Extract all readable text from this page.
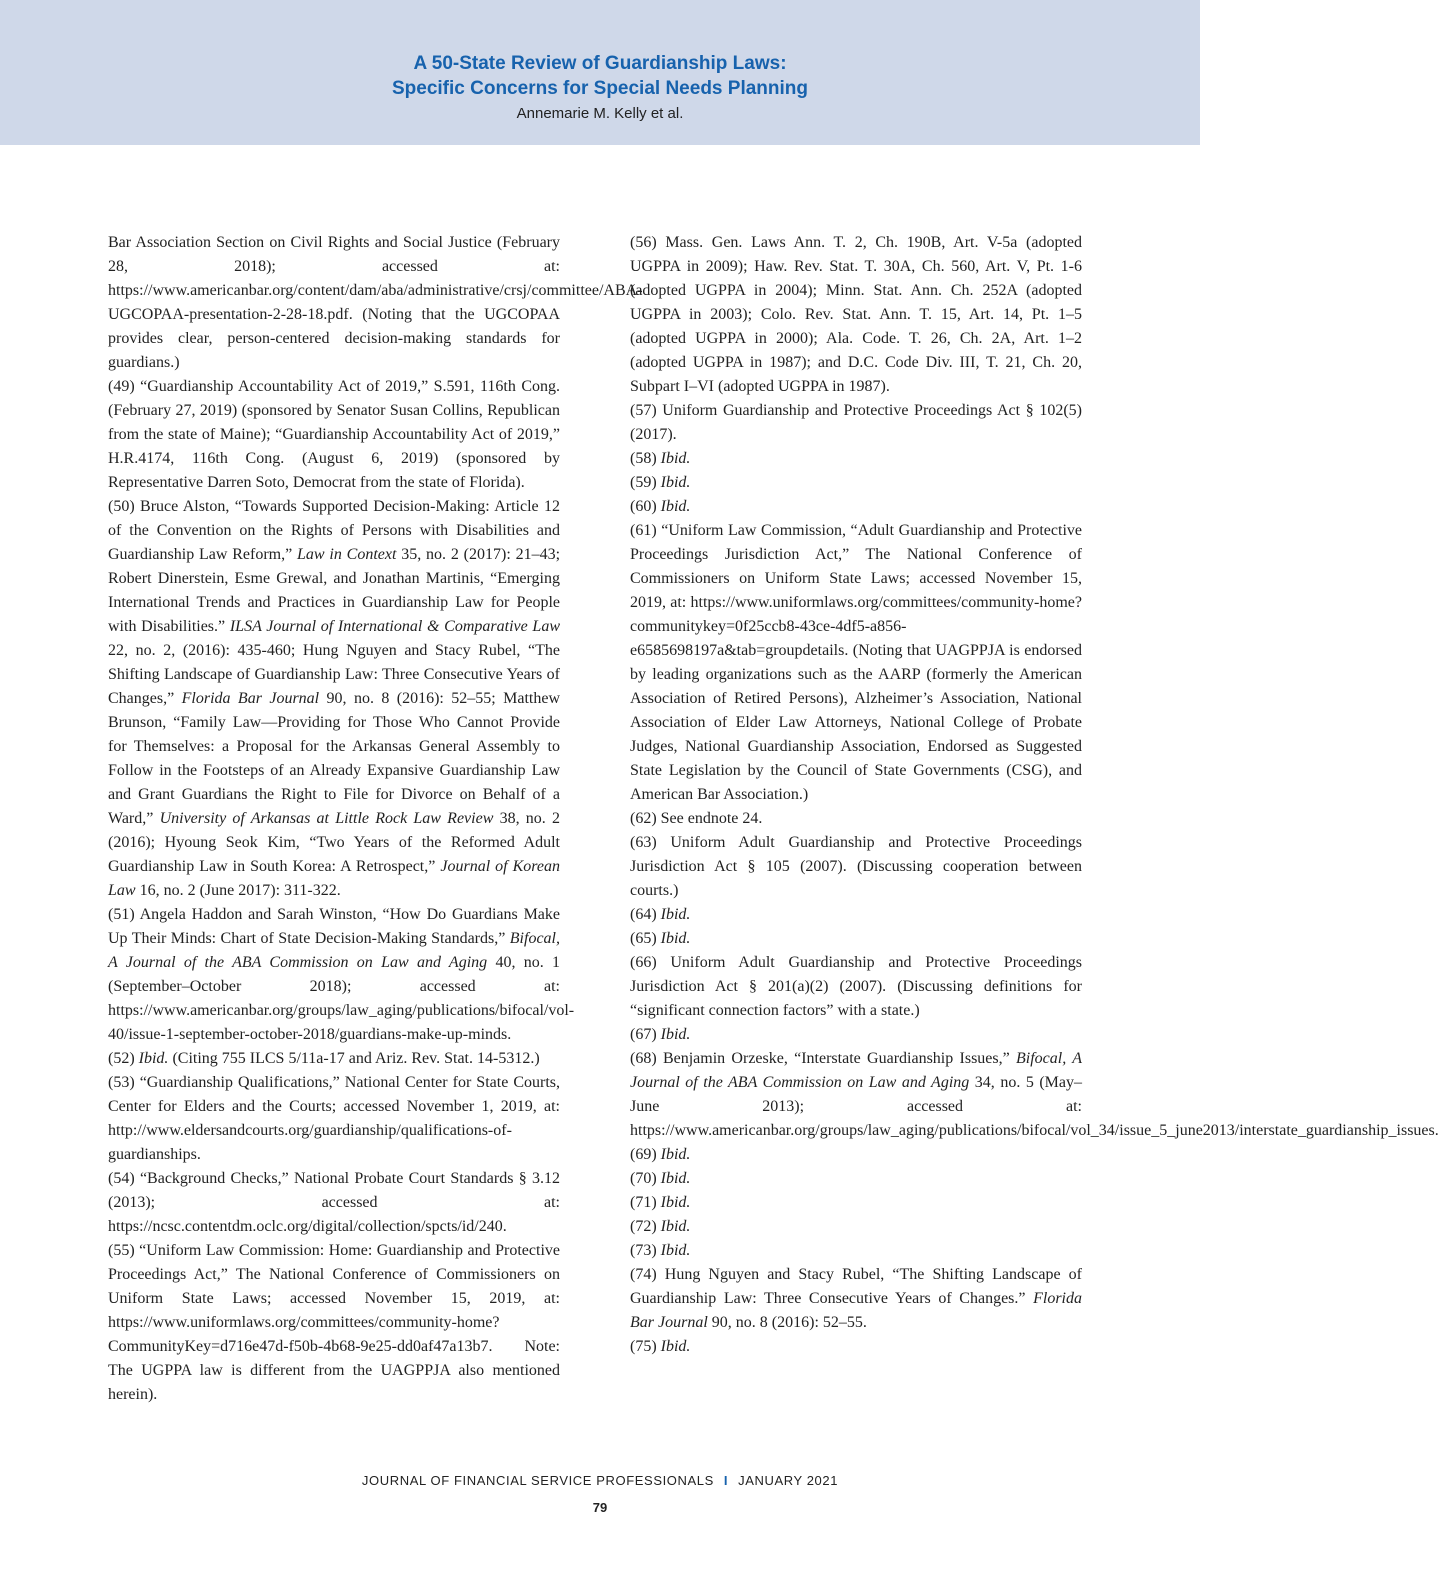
A 50-State Review of Guardianship Laws:
Specific Concerns for Special Needs Planning
Annemarie M. Kelly et al.

Bar Association Section on Civil Rights and Social Justice (February 28, 2018); accessed at: https://www.americanbar.org/content/dam/aba/administrative/crsj/committee/ABA-UGCOPAA-presentation-2-28-18.pdf. (Noting that the UGCOPAA provides clear, person-centered decision-making standards for guardians.)

(49) “Guardianship Accountability Act of 2019,” S.591, 116th Cong. (February 27, 2019) (sponsored by Senator Susan Collins, Republican from the state of Maine); “Guardianship Accountability Act of 2019,” H.R.4174, 116th Cong. (August 6, 2019) (sponsored by Representative Darren Soto, Democrat from the state of Florida).

(50) Bruce Alston, “Towards Supported Decision-Making: Article 12 of the Convention on the Rights of Persons with Disabilities and Guardianship Law Reform,” Law in Context 35, no. 2 (2017): 21–43; Robert Dinerstein, Esme Grewal, and Jonathan Martinis, “Emerging International Trends and Practices in Guardianship Law for People with Disabilities.” ILSA Journal of International & Comparative Law 22, no. 2, (2016): 435-460; Hung Nguyen and Stacy Rubel, “The Shifting Landscape of Guardianship Law: Three Consecutive Years of Changes,” Florida Bar Journal 90, no. 8 (2016): 52–55; Matthew Brunson, “Family Law—Providing for Those Who Cannot Provide for Themselves: a Proposal for the Arkansas General Assembly to Follow in the Footsteps of an Already Expansive Guardianship Law and Grant Guardians the Right to File for Divorce on Behalf of a Ward,” University of Arkansas at Little Rock Law Review 38, no. 2 (2016); Hyoung Seok Kim, “Two Years of the Reformed Adult Guardianship Law in South Korea: A Retrospect,” Journal of Korean Law 16, no. 2 (June 2017): 311-322.

(51) Angela Haddon and Sarah Winston, “How Do Guardians Make Up Their Minds: Chart of State Decision-Making Standards,” Bifocal, A Journal of the ABA Commission on Law and Aging 40, no. 1 (September–October 2018); accessed at: https://www.americanbar.org/groups/law_aging/publications/bifocal/vol-40/issue-1-september-october-2018/guardians-make-up-minds.

(52) Ibid. (Citing 755 ILCS 5/11a-17 and Ariz. Rev. Stat. 14-5312.)

(53) “Guardianship Qualifications,” National Center for State Courts, Center for Elders and the Courts; accessed November 1, 2019, at: http://www.eldersandcourts.org/guardianship/qualifications-of-guardianships.

(54) “Background Checks,” National Probate Court Standards § 3.12 (2013); accessed at: https://ncsc.contentdm.oclc.org/digital/collection/spcts/id/240.

(55) “Uniform Law Commission: Home: Guardianship and Protective Proceedings Act,” The National Conference of Commissioners on Uniform State Laws; accessed November 15, 2019, at: https://www.uniformlaws.org/committees/community-home?CommunityKey=d716e47d-f50b-4b68-9e25-dd0af47a13b7. Note: The UGPPA law is different from the UAGPPJA also mentioned herein).

(56) Mass. Gen. Laws Ann. T. 2, Ch. 190B, Art. V-5a (adopted UGPPA in 2009); Haw. Rev. Stat. T. 30A, Ch. 560, Art. V, Pt. 1-6 (adopted UGPPA in 2004); Minn. Stat. Ann. Ch. 252A (adopted UGPPA in 2003); Colo. Rev. Stat. Ann. T. 15, Art. 14, Pt. 1–5 (adopted UGPPA in 2000); Ala. Code. T. 26, Ch. 2A, Art. 1–2 (adopted UGPPA in 1987); and D.C. Code Div. III, T. 21, Ch. 20, Subpart I–VI (adopted UGPPA in 1987).

(57) Uniform Guardianship and Protective Proceedings Act § 102(5) (2017).

(58) Ibid.

(59) Ibid.

(60) Ibid.

(61) “Uniform Law Commission, “Adult Guardianship and Protective Proceedings Jurisdiction Act,” The National Conference of Commissioners on Uniform State Laws; accessed November 15, 2019, at: https://www.uniformlaws.org/committees/community-home?communitykey=0f25ccb8-43ce-4df5-a856-e6585698197a&tab=groupdetails. (Noting that UAGPPJA is endorsed by leading organizations such as the AARP (formerly the American Association of Retired Persons), Alzheimer’s Association, National Association of Elder Law Attorneys, National College of Probate Judges, National Guardianship Association, Endorsed as Suggested State Legislation by the Council of State Governments (CSG), and American Bar Association.)

(62) See endnote 24.

(63) Uniform Adult Guardianship and Protective Proceedings Jurisdiction Act § 105 (2007). (Discussing cooperation between courts.)

(64) Ibid.

(65) Ibid.

(66) Uniform Adult Guardianship and Protective Proceedings Jurisdiction Act § 201(a)(2) (2007). (Discussing definitions for “significant connection factors” with a state.)

(67) Ibid.

(68) Benjamin Orzeske, “Interstate Guardianship Issues,” Bifocal, A Journal of the ABA Commission on Law and Aging 34, no. 5 (May–June 2013); accessed at: https://www.americanbar.org/groups/law_aging/publications/bifocal/vol_34/issue_5_june2013/interstate_guardianship_issues.

(69) Ibid.

(70) Ibid.

(71) Ibid.

(72) Ibid.

(73) Ibid.

(74) Hung Nguyen and Stacy Rubel, “The Shifting Landscape of Guardianship Law: Three Consecutive Years of Changes.” Florida Bar Journal 90, no. 8 (2016): 52–55.

(75) Ibid.

JOURNAL OF FINANCIAL SERVICE PROFESSIONALS I JANUARY 2021
79
